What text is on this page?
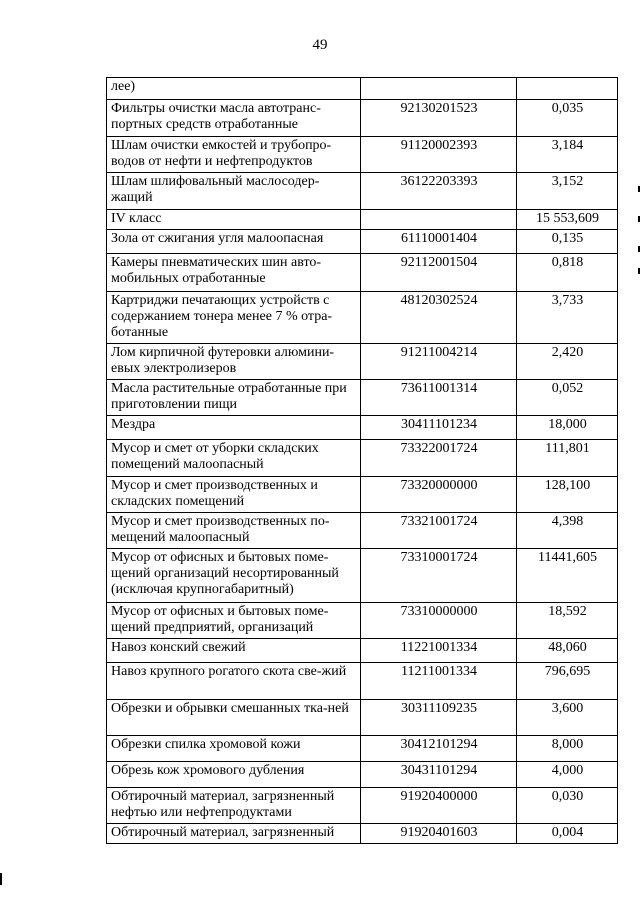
49
лее)		
Фильтры очистки масла автотранс-портных средств отработанные	92130201523	0,035
Шлам очистки емкостей и трубопро-водов от нефти и нефтепродуктов	91120002393	3,184
Шлам шлифовальный маслосодер-жащий	36122203393	3,152
IV класс		15 553,609
Зола от сжигания угля малоопасная	61110001404	0,135
Камеры пневматических шин авто-мобильных отработанные	92112001504	0,818
Картриджи печатающих устройств с содержанием тонера менее 7 % отра-ботанные	48120302524	3,733
Лом кирпичной футеровки алюмини-евых электролизеров	91211004214	2,420
Масла растительные отработанные при приготовлении пищи	73611001314	0,052
Мездра	30411101234	18,000
Мусор и смет от уборки складских помещений малоопасный	73322001724	111,801
Мусор и смет производственных и складских помещений	73320000000	128,100
Мусор и смет производственных по-мещений малоопасный	73321001724	4,398
Мусор от офисных и бытовых поме-щений организаций несортированный (исключая крупногабаритный)	73310001724	11441,605
Мусор от офисных и бытовых поме-щений предприятий, организаций	73310000000	18,592
Навоз конский свежий	11221001334	48,060
Навоз крупного рогатого скота све-жий	11211001334	796,695
Обрезки и обрывки смешанных тка-ней	30311109235	3,600
Обрезки спилка хромовой кожи	30412101294	8,000
Обрезь кож хромового дубления	30431101294	4,000
Обтирочный материал, загрязненный нефтью или нефтепродуктами	91920400000	0,030
Обтирочный материал, загрязненный	91920401603	0,004
